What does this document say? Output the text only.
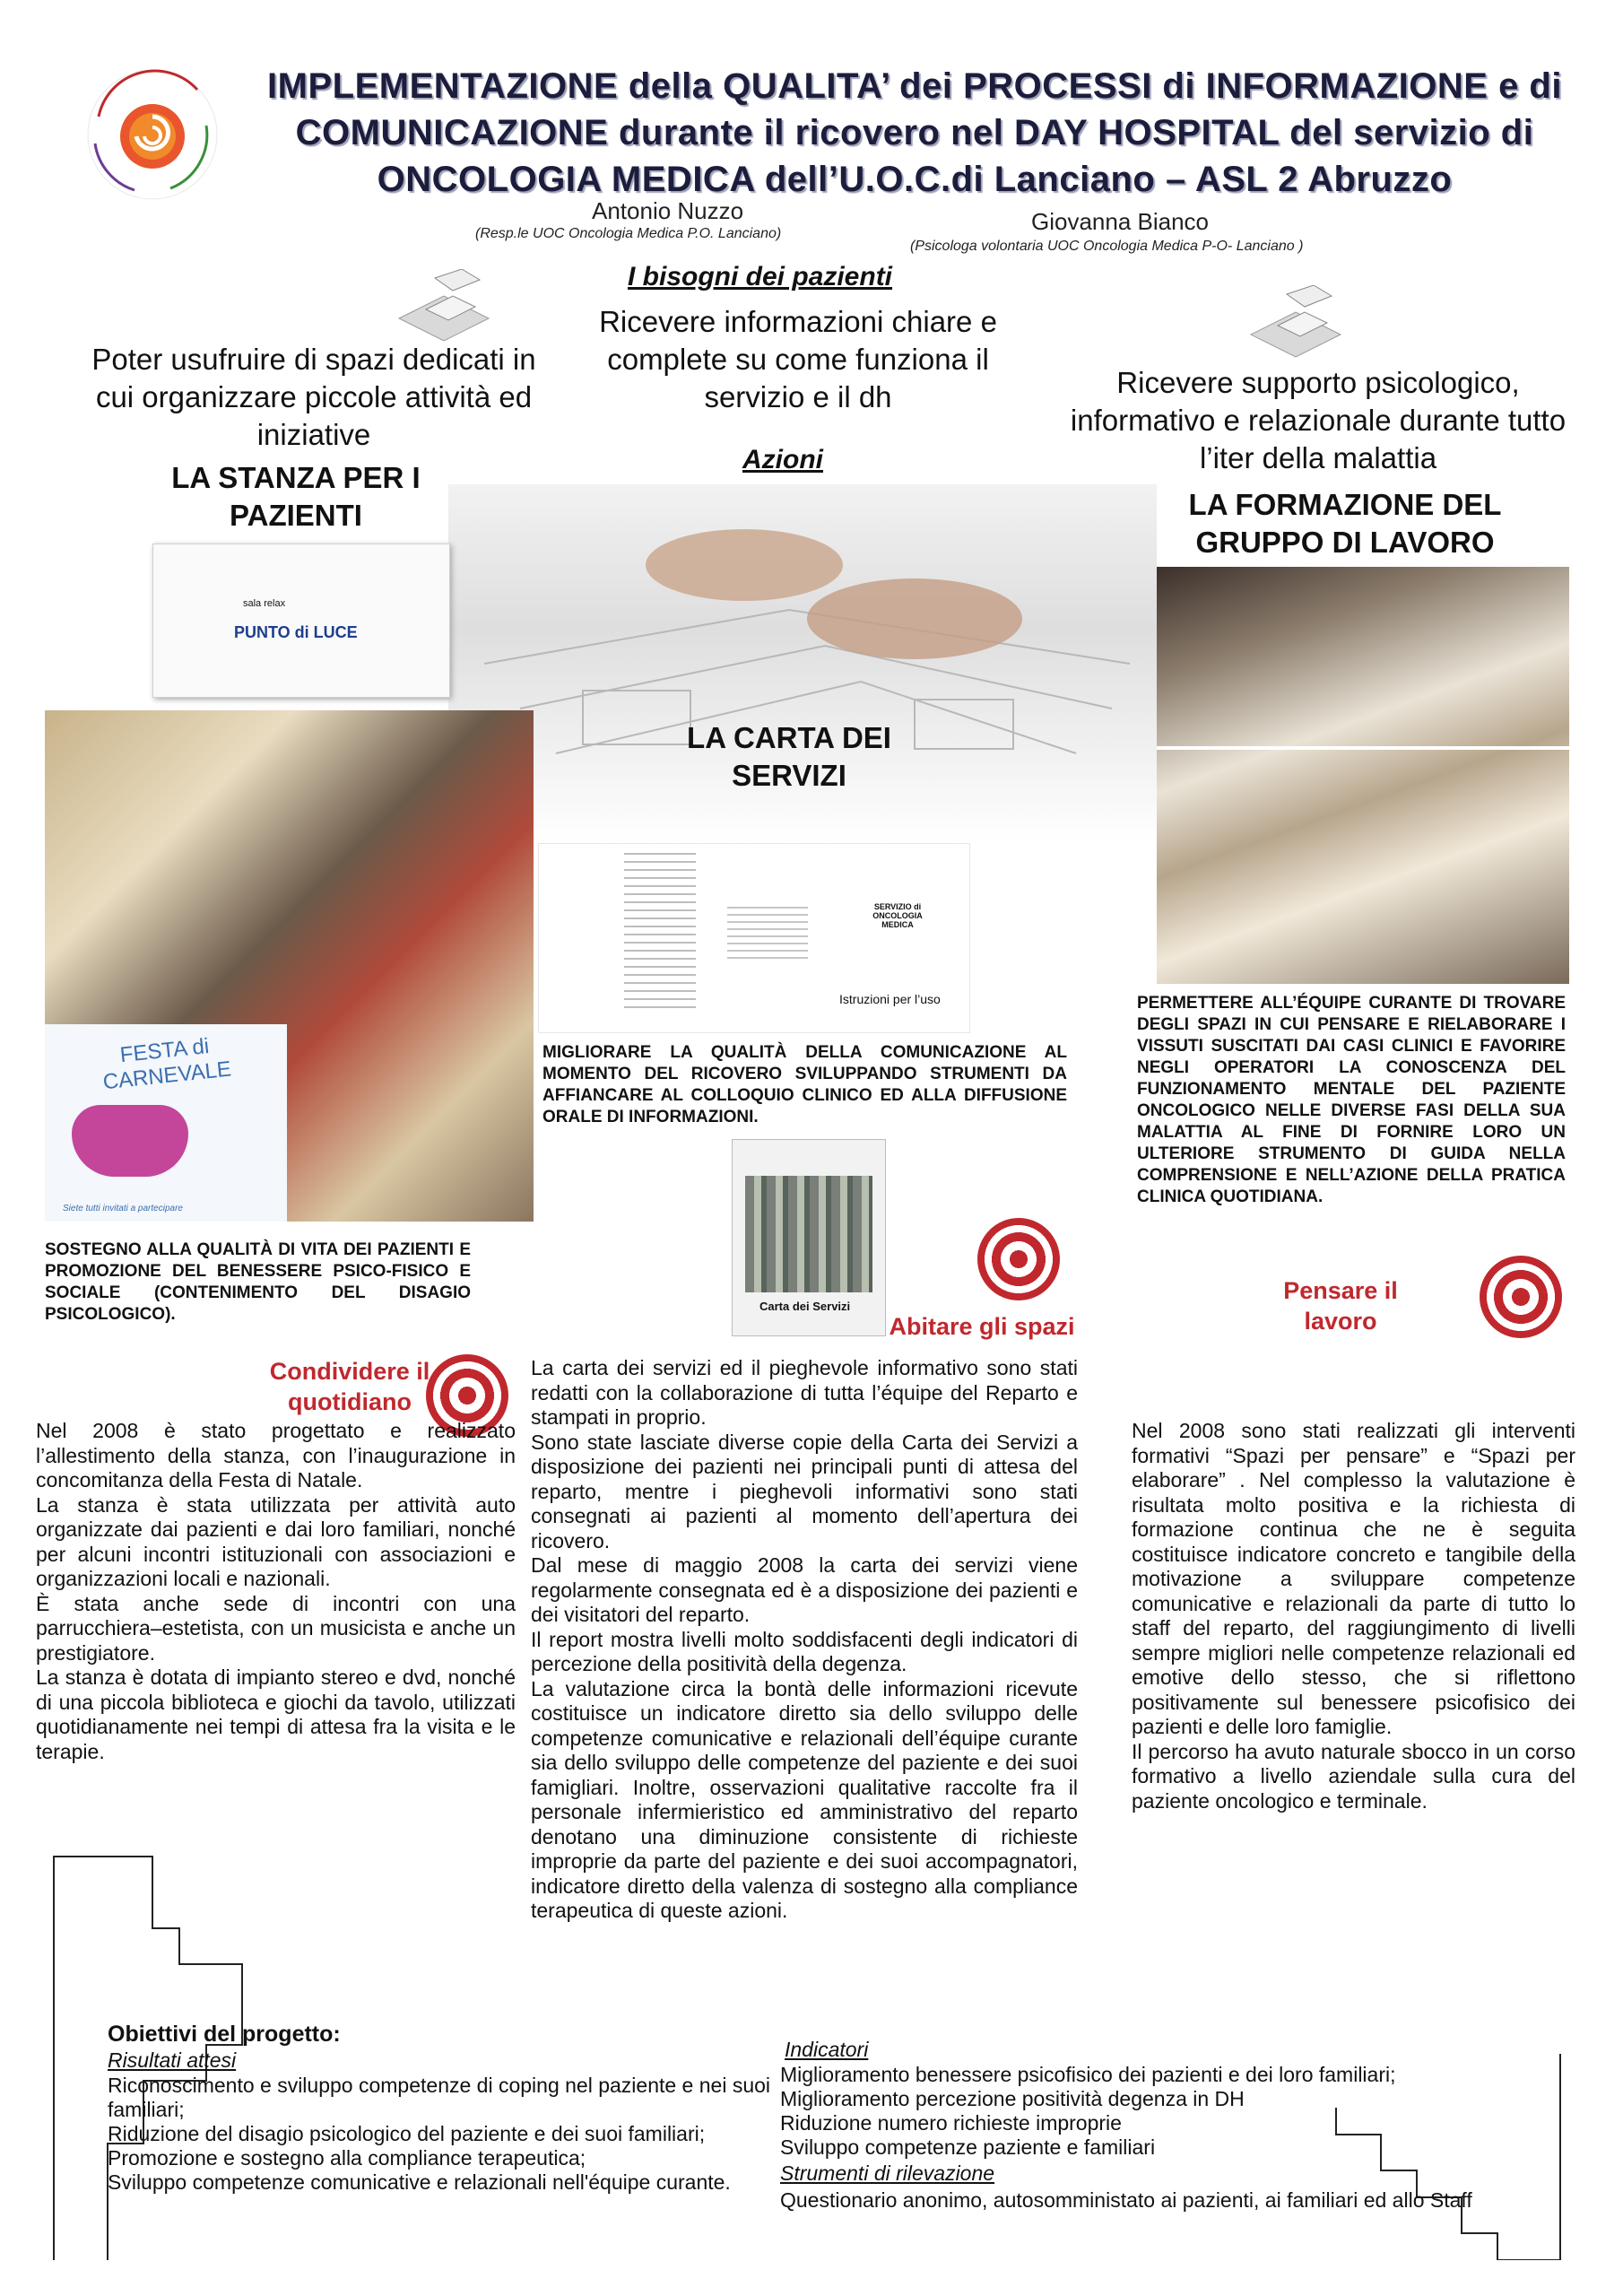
IMPLEMENTAZIONE della QUALITA’ dei PROCESSI di INFORMAZIONE e di
COMUNICAZIONE durante il ricovero nel DAY HOSPITAL del servizio di
ONCOLOGIA MEDICA dell’U.O.C.di Lanciano – ASL 2 Abruzzo
Antonio Nuzzo
(Resp.le UOC Oncologia Medica P.O. Lanciano)	Giovanna Bianco
(Psicologa volontaria UOC Oncologia Medica P-O- Lanciano )
I bisogni dei pazienti
Poter usufruire di spazi dedicati in cui organizzare piccole attività ed iniziative
Ricevere informazioni chiare e complete su come funziona il servizio e il dh	Ricevere supporto psicologico, informativo e relazionale durante tutto l’iter della malattia
Azioni
LA STANZA PER I PAZIENTI	LA FORMAZIONE DEL GRUPPO DI LAVORO
LA CARTA DEI SERVIZI
sala relax
PUNTO di LUCE
FESTA di CARNEVALE
Siete tutti invitati a partecipare
SERVIZIO di ONCOLOGIA MEDICA
Istruzioni per l’uso
MIGLIORARE LA QUALITÀ DELLA COMUNICAZIONE AL MOMENTO DEL RICOVERO SVILUPPANDO STRUMENTI DA AFFIANCARE AL COLLOQUIO CLINICO ED ALLA DIFFUSIONE ORALE DI INFORMAZIONI.
PERMETTERE ALL’ÉQUIPE CURANTE DI TROVARE DEGLI SPAZI IN CUI PENSARE E RIELABORARE I VISSUTI SUSCITATI DAI CASI CLINICI E FAVORIRE NEGLI OPERATORI LA CONOSCENZA DEL FUNZIONAMENTO MENTALE DEL PAZIENTE ONCOLOGICO NELLE DIVERSE FASI DELLA SUA MALATTIA AL FINE DI FORNIRE LORO UN ULTERIORE STRUMENTO DI GUIDA NELLA COMPRENSIONE E NELL’AZIONE DELLA PRATICA CLINICA QUOTIDIANA.
SOSTEGNO ALLA QUALITÀ DI VITA DEI PAZIENTI E PROMOZIONE DEL BENESSERE PSICO-FISICO E SOCIALE (CONTENIMENTO DEL DISAGIO PSICOLOGICO).	Carta dei Servizi
Abitare gli spazi
Pensare il lavoro
Condividere il quotidiano
Nel 2008 è stato progettato e realizzato l’allestimento della stanza, con l’inaugurazione in concomitanza della Festa di Natale.
La stanza è stata utilizzata per attività auto organizzate dai pazienti e dai loro familiari, nonché per alcuni incontri istituzionali con associazioni e organizzazioni locali e nazionali.
È stata anche sede di incontri con una parrucchiera–estetista, con un musicista e anche un prestigiatore.
La stanza è dotata di impianto stereo e dvd, nonché di una piccola biblioteca e giochi da tavolo, utilizzati quotidianamente nei tempi di attesa fra la visita e le terapie.
La carta dei servizi ed il pieghevole informativo sono stati redatti con la collaborazione di tutta l’équipe del Reparto e stampati in proprio.
Sono state lasciate diverse copie della Carta dei Servizi a disposizione dei pazienti nei principali punti di attesa del reparto, mentre i pieghevoli informativi sono stati consegnati ai pazienti al momento dell’apertura dei ricovero.
Dal mese di maggio 2008 la carta dei servizi viene regolarmente consegnata ed è a disposizione dei pazienti e dei visitatori del reparto.
Il report mostra livelli molto soddisfacenti degli indicatori di percezione della positività della degenza.
La valutazione circa la bontà delle informazioni ricevute costituisce un indicatore diretto sia dello sviluppo delle competenze comunicative e relazionali dell’équipe curante sia dello sviluppo delle competenze del paziente e dei suoi famigliari. Inoltre, osservazioni qualitative raccolte fra il personale infermieristico ed amministrativo del reparto denotano una diminuzione consistente di richieste improprie da parte del paziente e dei suoi accompagnatori, indicatore diretto della valenza di sostegno alla compliance terapeutica di queste azioni.
Nel 2008 sono stati realizzati gli interventi formativi “Spazi per pensare” e “Spazi per elaborare” . Nel complesso la valutazione è risultata molto positiva e la richiesta di formazione continua che ne è seguita costituisce indicatore concreto e tangibile della motivazione a sviluppare competenze comunicative e relazionali da parte di tutto lo staff del reparto, del raggiungimento di livelli sempre migliori nelle competenze relazionali ed emotive dello stesso, che si riflettono positivamente sul benessere psicofisico dei pazienti e delle loro famiglie.
Il percorso ha avuto naturale sbocco in un corso formativo a livello aziendale sulla cura del paziente oncologico e terminale.
Obiettivi del progetto:
Risultati attesi
Riconoscimento e sviluppo competenze di coping nel paziente e nei suoi familiari;
Riduzione del disagio psicologico del paziente e dei suoi familiari;
Promozione e sostegno alla compliance terapeutica;
Sviluppo competenze comunicative e relazionali nell'équipe curante.
Indicatori
Miglioramento benessere psicofisico dei pazienti e dei loro familiari;
Miglioramento percezione positività degenza in DH
Riduzione numero richieste improprie
Sviluppo competenze paziente e familiari
Strumenti di rilevazione
Questionario anonimo, autosomministato ai pazienti, ai familiari ed allo Staff
